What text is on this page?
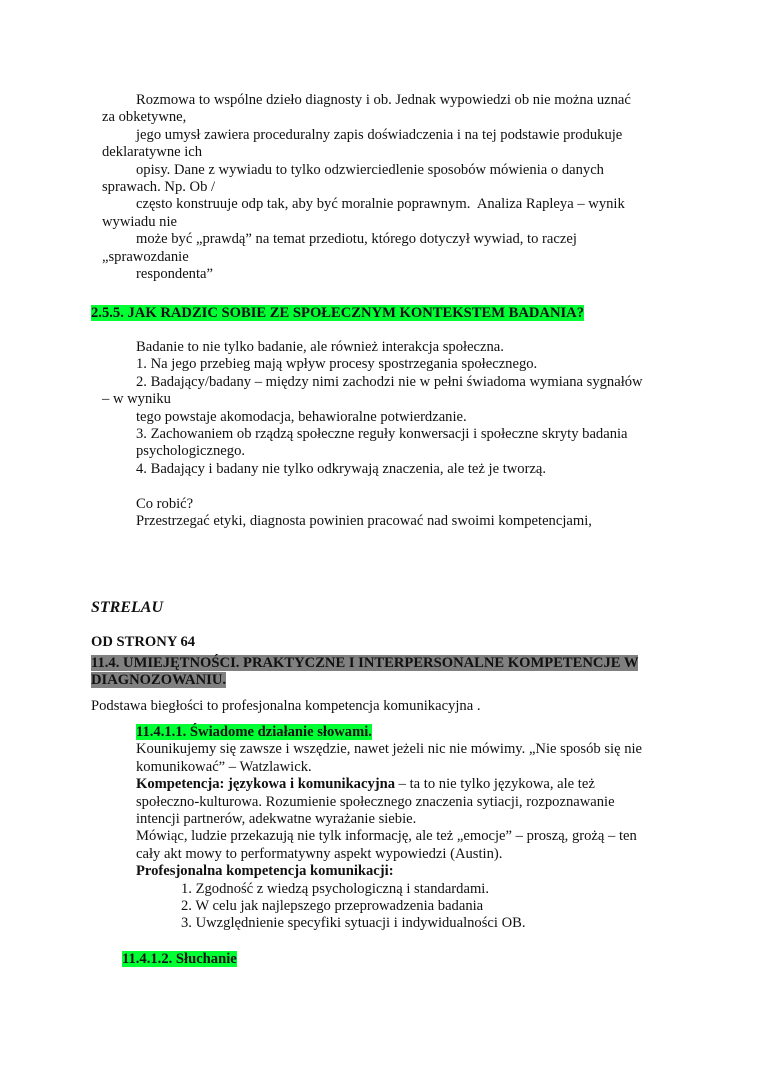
Rozmowa to wspólne dzieło diagnosty i ob. Jednak wypowiedzi ob nie można uznać
za obketywne,
jego umysł zawiera proceduralny zapis doświadczenia i na tej podstawie produkuje
deklaratywne ich
opisy. Dane z wywiadu to tylko odzwierciedlenie sposobów mówienia o danych
sprawach. Np. Ob /
często konstruuje odp tak, aby być moralnie poprawnym.  Analiza Rapleya – wynik
wywiadu nie
może być „prawdą” na temat przediotu, którego dotyczył wywiad, to raczej
„sprawozdanie
respondenta”
2.5.5. JAK RADZIC SOBIE ZE SPOŁECZNYM KONTEKSTEM BADANIA?
Badanie to nie tylko badanie, ale również interakcja społeczna.
1. Na jego przebieg mają wpływ procesy spostrzegania społecznego.
2. Badający/badany – między nimi zachodzi nie w pełni świadoma wymiana sygnałów
– w wyniku
tego powstaje akomodacja, behawioralne potwierdzanie.
3. Zachowaniem ob rządzą społeczne reguły konwersacji i społeczne skryty badania
psychologicznego.
4. Badający i badany nie tylko odkrywają znaczenia, ale też je tworzą.

Co robić?
Przestrzegać etyki, diagnosta powinien pracować nad swoimi kompetencjami,
STRELAU
OD STRONY 64
11.4. UMIEJĘTNOŚCI. PRAKTYCZNE I INTERPERSONALNE KOMPETENCJE W
DIAGNOZOWANIU.
Podstawa biegłości to profesjonalna kompetencja komunikacyjna .
11.4.1.1. Świadome działanie słowami.
Kounikujemy się zawsze i wszędzie, nawet jeżeli nic nie mówimy. „Nie sposób się nie
komunikować” – Watzlawick.
Kompetencja: językowa i komunikacyjna – ta to nie tylko językowa, ale też
społeczno-kulturowa. Rozumienie społecznego znaczenia sytiacji, rozpoznawanie
intencji partnerów, adekwatne wyrażanie siebie.
Mówiąc, ludzie przekazują nie tylk informację, ale też „emocje” – proszą, grożą – ten
cały akt mowy to performatywny aspekt wypowiedzi (Austin).
Profesjonalna kompetencja komunikacji:
1. Zgodność z wiedzą psychologiczną i standardami.
2. W celu jak najlepszego przeprowadzenia badania
3. Uwzględnienie specyfiki sytuacji i indywidualności OB.
11.4.1.2. Słuchanie
